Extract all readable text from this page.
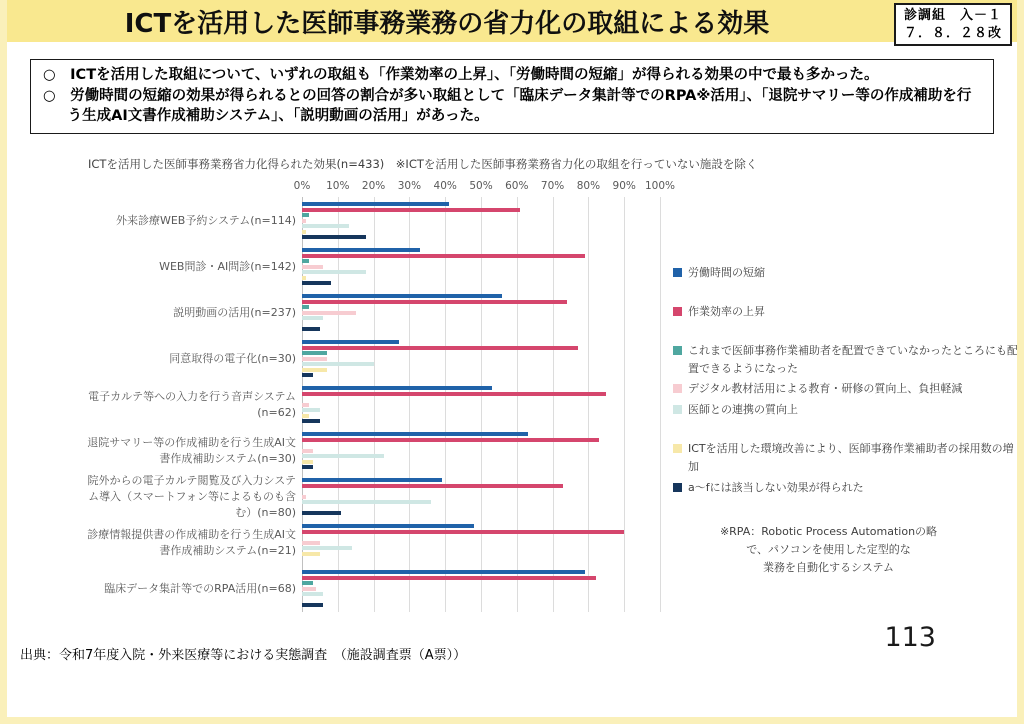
ICTを活用した医師事務業務の省力化の取組による効果	診調組　入－１
７．８．２８改

○　ICTを活用した取組について、いずれの取組も「作業効率の上昇」、「労働時間の短縮」が得られる効果の中で最も多かった。

○　労働時間の短縮の効果が得られるとの回答の割合が多い取組として「臨床データ集計等でのRPA※活用」、「退院サマリー等の作成補助を行う生成AI文書作成補助システム」、「説明動画の活用」があった。

ICTを活用した医師事務業務省力化得られた効果(n=433)　※ICTを活用した医師事務業務省力化の取組を行っていない施設を除く
外来診療WEB予約システム(n=114)
WEB問診・AI問診(n=142)
説明動画の活用(n=237)
同意取得の電子化(n=30)
電子カルテ等への入力を行う音声システム(n=62)
退院サマリー等の作成補助を行う生成AI文書作成補助システム(n=30)
院外からの電子カルテ閲覧及び入力システム導入（スマートフォン等によるものも含む）(n=80)
診療情報提供書の作成補助を行う生成AI文書作成補助システム(n=21)
臨床データ集計等でのRPA活用(n=68)
0% 10% 20% 30% 40% 50% 60% 70% 80% 90% 100%
労働時間の短縮
作業効率の上昇
これまで医師事務作業補助者を配置できていなかったところにも配置できるようになった
デジタル教材活用による教育・研修の質向上、負担軽減
医師との連携の質向上
ICTを活用した環境改善により、医師事務作業補助者の採用数の増加
a～fには該当しない効果が得られた
※RPA：Robotic Process Automationの略
で、パソコンを使用した定型的な
業務を自動化するシステム
出典：令和7年度入院・外来医療等における実態調査　（施設調査票（A票））
113
